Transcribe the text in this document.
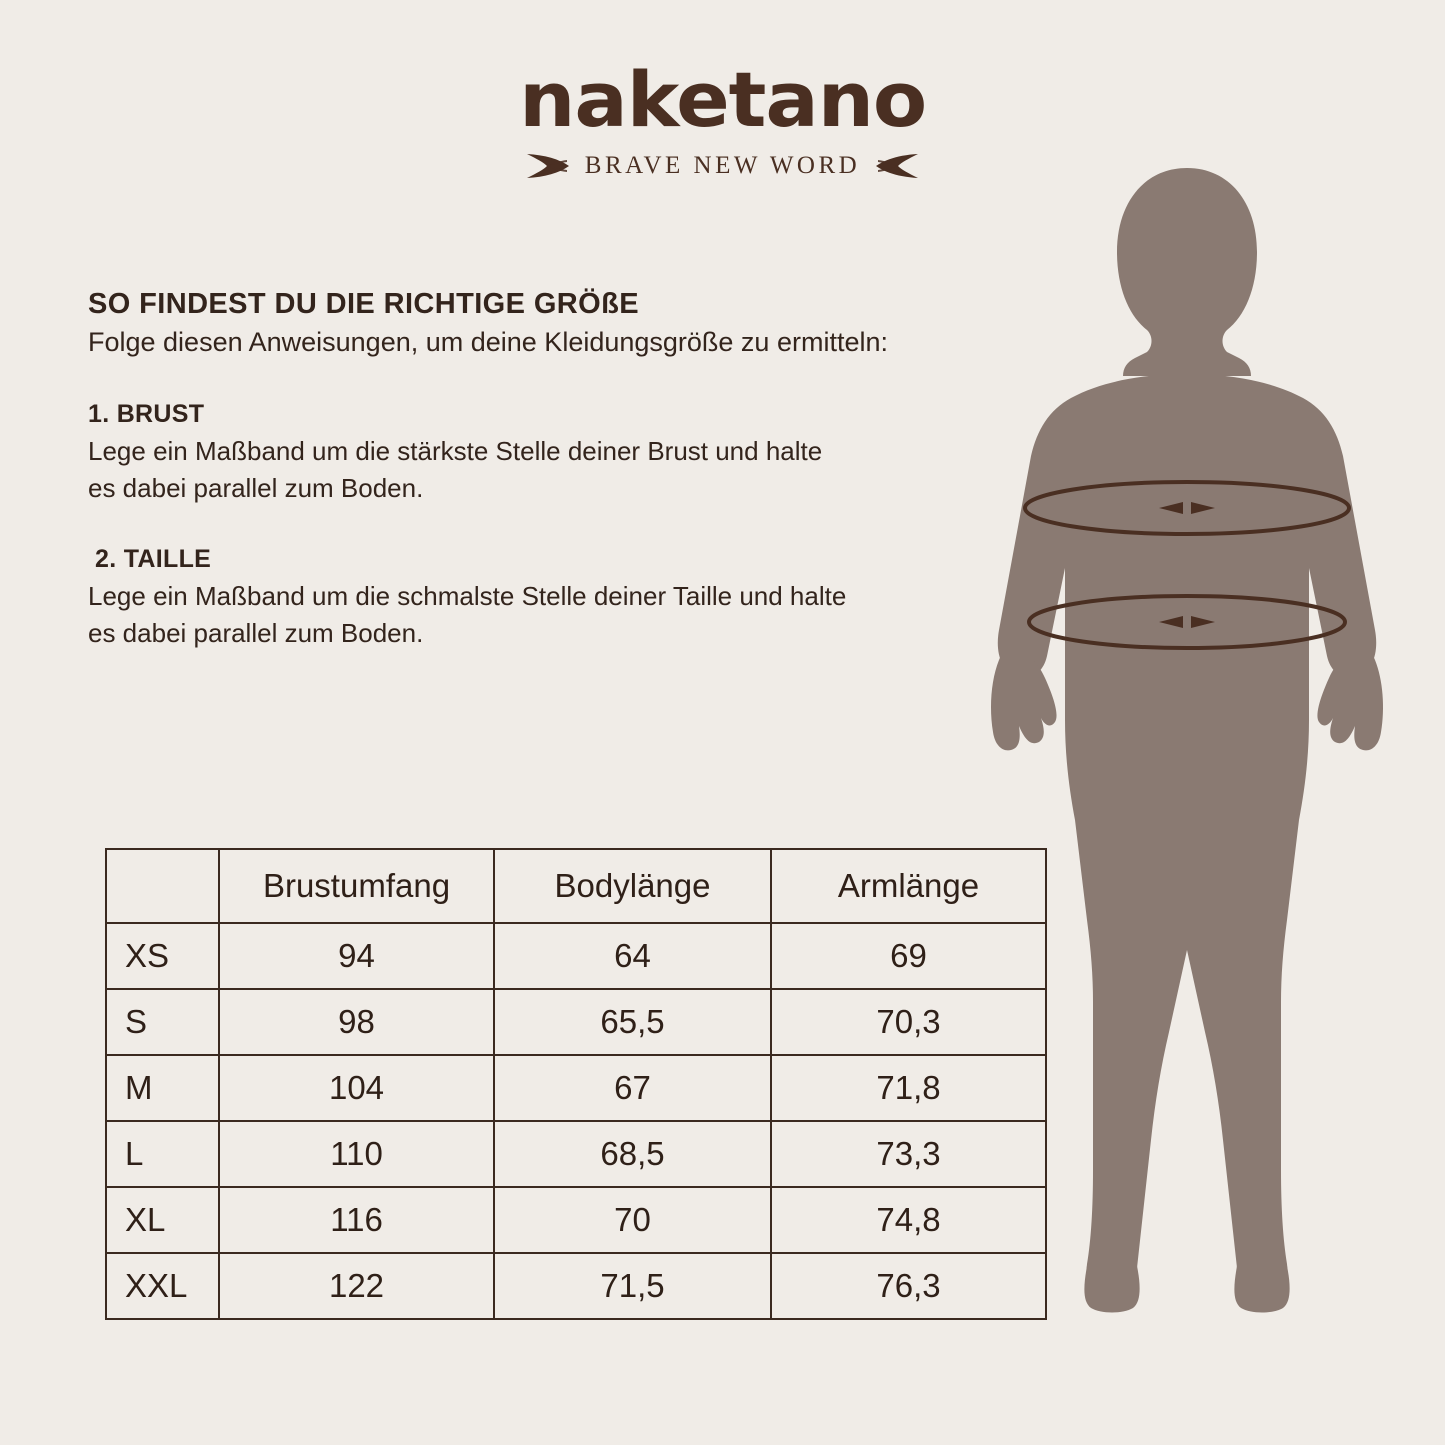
naketano
BRAVE NEW WORD
SO FINDEST DU DIE RICHTIGE GRÖßE

Folge diesen Anweisungen, um deine Kleidungsgröße zu ermitteln:

1. BRUST

Lege ein Maßband um die stärkste Stelle deiner Brust und halte
es dabei parallel zum Boden.

2. TAILLE

Lege ein Maßband um die schmalste Stelle deiner Taille und halte
es dabei parallel zum Boden.

	Brustumfang	Bodylänge	Armlänge
XS	94	64	69
S	98	65,5	70,3
M	104	67	71,8
L	110	68,5	73,3
XL	116	70	74,8
XXL	122	71,5	76,3
